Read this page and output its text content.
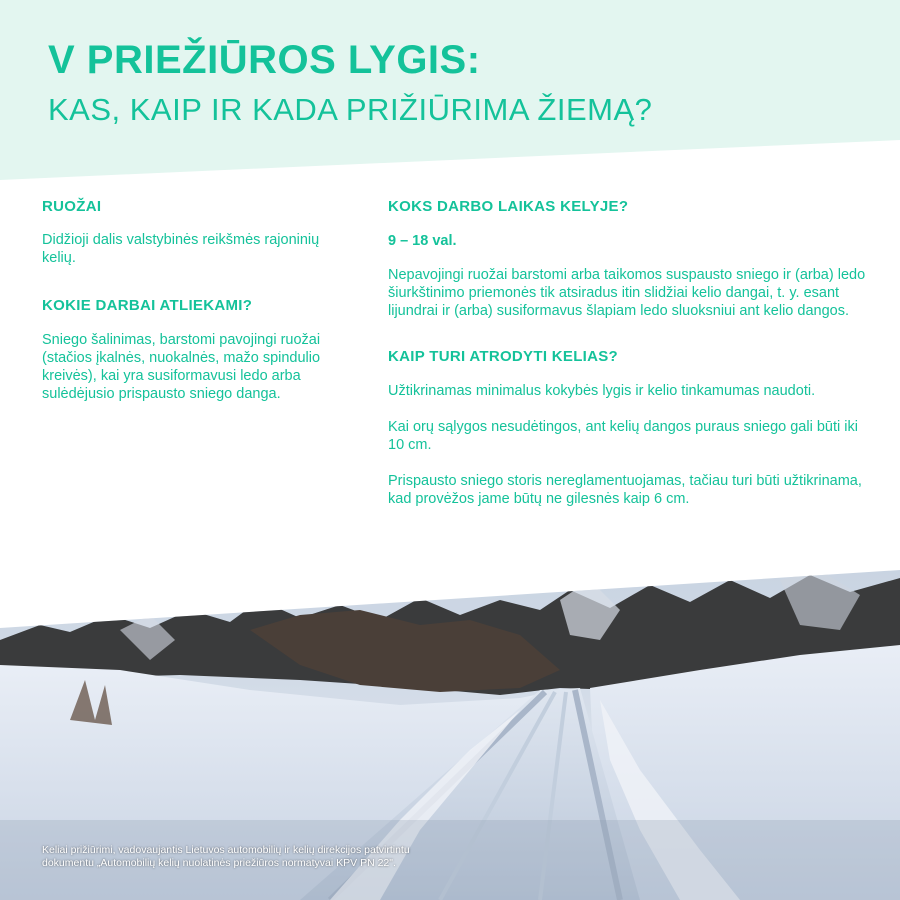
V PRIEŽIŪROS LYGIS:
KAS, KAIP IR KADA PRIŽIŪRIMA ŽIEMĄ?

RUOŽAI

Didžioji dalis valstybinės reikšmės rajoninių kelių.

KOKIE DARBAI ATLIEKAMI?

Sniego šalinimas, barstomi pavojingi ruožai (stačios įkalnės, nuokalnės, mažo spindulio kreivės), kai yra susiformavusi ledo arba sulėdėjusio prispausto sniego danga.

KOKS DARBO LAIKAS KELYJE?

9 – 18 val.

Nepavojingi ruožai barstomi arba taikomos suspausto sniego ir (arba) ledo šiurkštinimo priemonės tik atsiradus itin slidžiai kelio dangai, t. y. esant lijundrai ir (arba) susiformavus šlapiam ledo sluoksniui ant kelio dangos.

KAIP TURI ATRODYTI KELIAS?

Užtikrinamas minimalus kokybės lygis ir kelio tinkamumas naudoti.

Kai orų sąlygos nesudėtingos, ant kelių dangos puraus sniego gali būti iki 10 cm.

Prispausto sniego storis nereglamentuojamas, tačiau turi būti užtikrinama, kad provėžos jame būtų ne gilesnės kaip 6 cm.

Keliai prižiūrimi, vadovaujantis Lietuvos automobilių ir kelių direkcijos patvirtintu
dokumentu „Automobilių kelių nuolatinės priežiūros normatyvai KPV PN 22".
